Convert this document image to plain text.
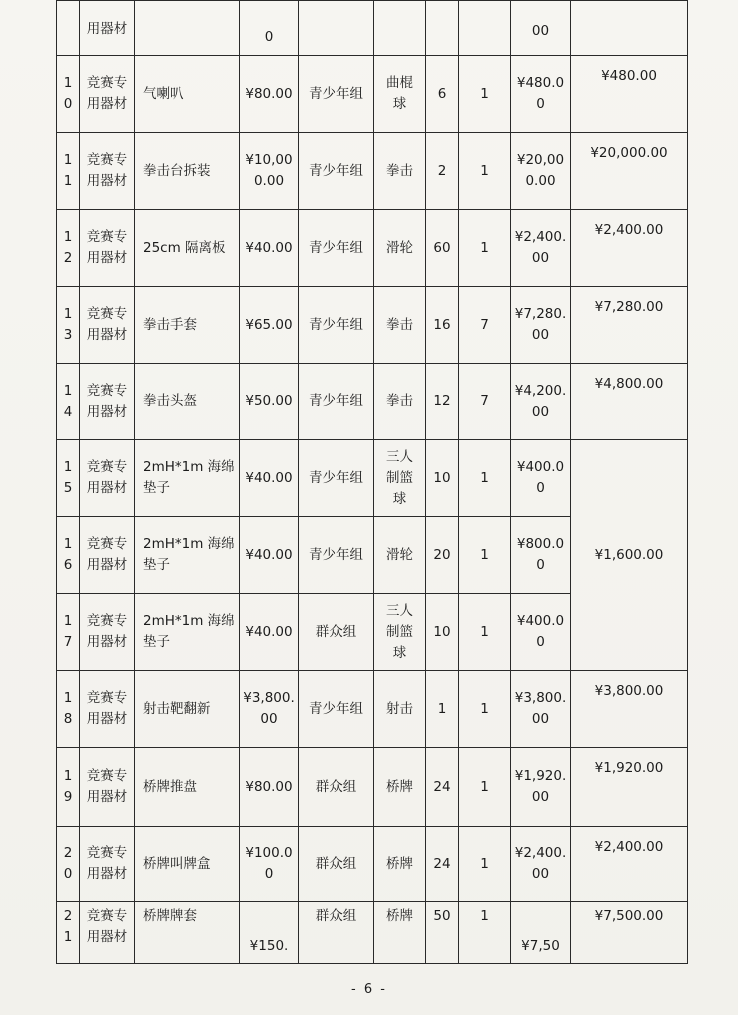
	用器材		0					00	
10	竞赛专用器材	气喇叭	¥80.00	青少年组	曲棍球	6	1	¥480.00	¥480.00
11	竞赛专用器材	拳击台拆装	¥10,000.00	青少年组	拳击	2	1	¥20,000.00	¥20,000.00
12	竞赛专用器材	25cm 隔离板	¥40.00	青少年组	滑轮	60	1	¥2,400.00	¥2,400.00
13	竞赛专用器材	拳击手套	¥65.00	青少年组	拳击	16	7	¥7,280.00	¥7,280.00
14	竞赛专用器材	拳击头盔	¥50.00	青少年组	拳击	12	7	¥4,200.00	¥4,800.00
15	竞赛专用器材	2mH*1m 海绵垫子	¥40.00	青少年组	三人制篮球	10	1	¥400.00	¥1,600.00
16	竞赛专用器材	2mH*1m 海绵垫子	¥40.00	青少年组	滑轮	20	1	¥800.00	
17	竞赛专用器材	2mH*1m 海绵垫子	¥40.00	群众组	三人制篮球	10	1	¥400.00	
18	竞赛专用器材	射击靶翻新	¥3,800.00	青少年组	射击	1	1	¥3,800.00	¥3,800.00
19	竞赛专用器材	桥牌推盘	¥80.00	群众组	桥牌	24	1	¥1,920.00	¥1,920.00
20	竞赛专用器材	桥牌叫牌盒	¥100.00	群众组	桥牌	24	1	¥2,400.00	¥2,400.00
21	竞赛专用器材	桥牌牌套	¥150.	群众组	桥牌	50	1	¥7,50	¥7,500.00
- 6 -
